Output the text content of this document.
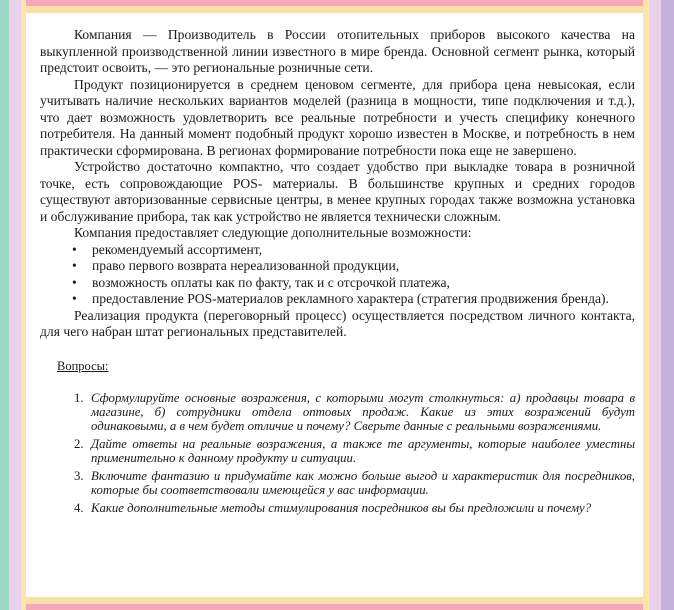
Компания — Производитель в России отопительных приборов высокого качества на выкупленной производственной линии известного в мире бренда. Основной сегмент рынка, который предстоит освоить, — это региональные розничные сети.

Продукт позиционируется в среднем ценовом сегменте, для прибора цена невысокая, если учитывать наличие нескольких вариантов моделей (разница в мощности, типе подключения и т.д.), что дает возможность удовлетворить все реальные потребности и учесть специфику конечного потребителя. На данный момент подобный продукт хорошо известен в Москве, и потребность в нем практически сформирована. В регионах формирование потребности пока еще не завершено.

Устройство достаточно компактно, что создает удобство при выкладке товара в розничной точке, есть сопровождающие POS- материалы. В большинстве крупных и средних городов существуют авторизованные сервисные центры, в менее крупных городах также возможна установка и обслуживание прибора, так как устройство не является технически сложным.

Компания предоставляет следующие дополнительные возможности:

• рекомендуемый ассортимент,
• право первого возврата нереализованной продукции,
• возможность оплаты как по факту, так и с отсрочкой платежа,
• предоставление POS-материалов рекламного характера (стратегия продвижения бренда).

Реализация продукта (переговорный процесс) осуществляется посредством личного контакта, для чего набран штат региональных представителей.

Вопросы:
1. Сформулируйте основные возражения, с которыми могут столкнуться: а) продавцы товара в магазине, б) сотрудники отдела оптовых продаж. Какие из этих возражений будут одинаковыми, а в чем будет отличие и почему? Сверьте данные с реальными возражениями.
2. Дайте ответы на реальные возражения, а также те аргументы, которые наиболее уместны применительно к данному продукту и ситуации.
3. Включите фантазию и придумайте как можно больше выгод и характеристик для посредников, которые бы соответствовали имеющейся у вас информации.
4. Какие дополнительные методы стимулирования посредников вы бы предложили и почему?
